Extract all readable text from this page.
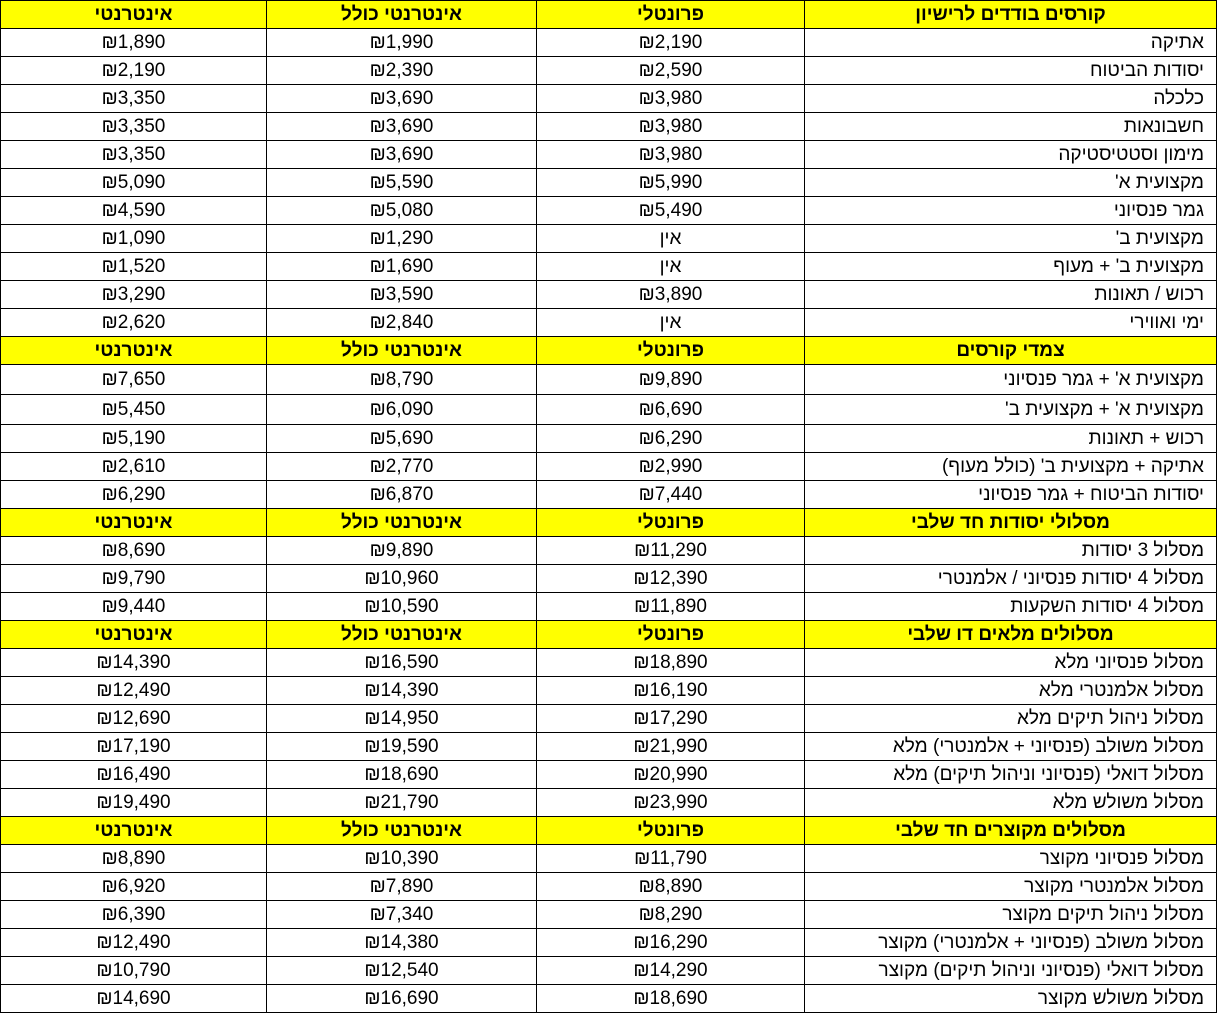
אינטרנטי	אינטרנטי כולל	פרונטלי	קורסים בודדים לרישיון
₪1,890	₪1,990	₪2,190	אתיקה
₪2,190	₪2,390	₪2,590	יסודות הביטוח
₪3,350	₪3,690	₪3,980	כלכלה
₪3,350	₪3,690	₪3,980	חשבונאות
₪3,350	₪3,690	₪3,980	מימון וסטטיסטיקה
₪5,090	₪5,590	₪5,990	מקצועית א'
₪4,590	₪5,080	₪5,490	גמר פנסיוני
₪1,090	₪1,290	אין	מקצועית ב'
₪1,520	₪1,690	אין	מקצועית ב' + מעוף
₪3,290	₪3,590	₪3,890	רכוש / תאונות
₪2,620	₪2,840	אין	ימי ואווירי
אינטרנטי	אינטרנטי כולל	פרונטלי	צמדי קורסים
₪7,650	₪8,790	₪9,890	מקצועית א' + גמר פנסיוני
₪5,450	₪6,090	₪6,690	מקצועית א' + מקצועית ב'
₪5,190	₪5,690	₪6,290	רכוש + תאונות
₪2,610	₪2,770	₪2,990	אתיקה + מקצועית ב' (כולל מעוף)
₪6,290	₪6,870	₪7,440	יסודות הביטוח + גמר פנסיוני
אינטרנטי	אינטרנטי כולל	פרונטלי	מסלולי יסודות חד שלבי
₪8,690	₪9,890	₪11,290	מסלול 3 יסודות
₪9,790	₪10,960	₪12,390	מסלול 4 יסודות פנסיוני / אלמנטרי
₪9,440	₪10,590	₪11,890	מסלול 4 יסודות השקעות
אינטרנטי	אינטרנטי כולל	פרונטלי	מסלולים מלאים דו שלבי
₪14,390	₪16,590	₪18,890	מסלול פנסיוני מלא
₪12,490	₪14,390	₪16,190	מסלול אלמנטרי מלא
₪12,690	₪14,950	₪17,290	מסלול ניהול תיקים מלא
₪17,190	₪19,590	₪21,990	מסלול משולב (פנסיוני + אלמנטרי) מלא
₪16,490	₪18,690	₪20,990	מסלול דואלי (פנסיוני וניהול תיקים) מלא
₪19,490	₪21,790	₪23,990	מסלול משולש מלא
אינטרנטי	אינטרנטי כולל	פרונטלי	מסלולים מקוצרים חד שלבי
₪8,890	₪10,390	₪11,790	מסלול פנסיוני מקוצר
₪6,920	₪7,890	₪8,890	מסלול אלמנטרי מקוצר
₪6,390	₪7,340	₪8,290	מסלול ניהול תיקים מקוצר
₪12,490	₪14,380	₪16,290	מסלול משולב (פנסיוני + אלמנטרי) מקוצר
₪10,790	₪12,540	₪14,290	מסלול דואלי (פנסיוני וניהול תיקים) מקוצר
₪14,690	₪16,690	₪18,690	מסלול משולש מקוצר
